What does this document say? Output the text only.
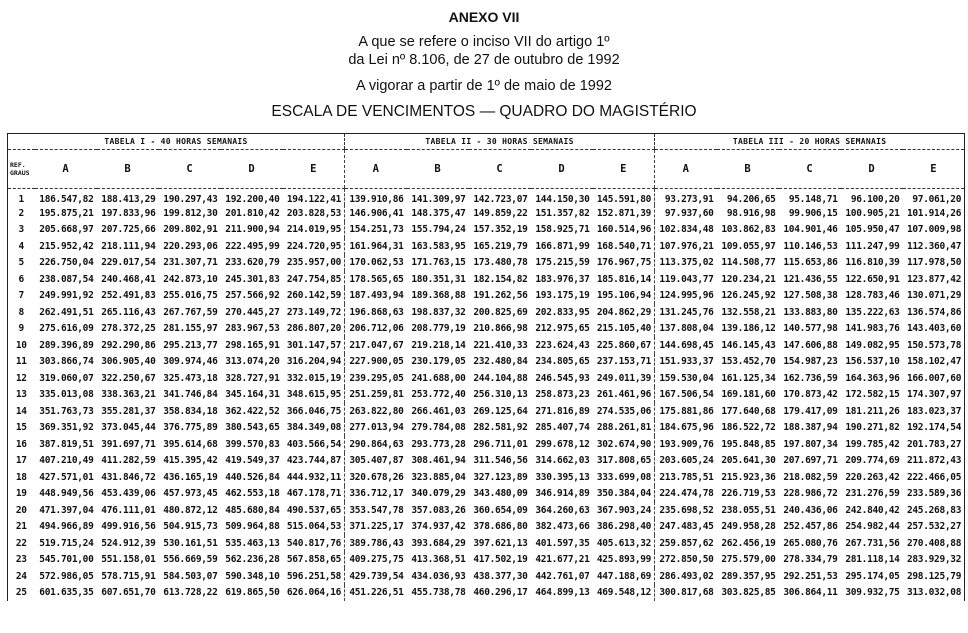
ANEXO VII
A que se refere o inciso VII do artigo 1º
da Lei nº 8.106, de 27 de outubro de 1992
A vigorar a partir de 1º de maio de 1992
ESCALA DE VENCIMENTOS — QUADRO DO MAGISTÉRIO
TABELA I - 40 HORAS SEMANAIS						TABELA II - 30 HORAS SEMANAIS					TABELA III - 20 HORAS SEMANAIS				
REF. GRAUS	A	B	C	D	E	A	B	C	D	E	A	B	C	D	E
1	186.547,82	188.413,29	190.297,43	192.200,40	194.122,41	139.910,86	141.309,97	142.723,07	144.150,30	145.591,80	93.273,91	94.206,65	95.148,71	96.100,20	97.061,20
2	195.875,21	197.833,96	199.812,30	201.810,42	203.828,53	146.906,41	148.375,47	149.859,22	151.357,82	152.871,39	97.937,60	98.916,98	99.906,15	100.905,21	101.914,26
3	205.668,97	207.725,66	209.802,91	211.900,94	214.019,95	154.251,73	155.794,24	157.352,19	158.925,71	160.514,96	102.834,48	103.862,83	104.901,46	105.950,47	107.009,98
4	215.952,42	218.111,94	220.293,06	222.495,99	224.720,95	161.964,31	163.583,95	165.219,79	166.871,99	168.540,71	107.976,21	109.055,97	110.146,53	111.247,99	112.360,47
5	226.750,04	229.017,54	231.307,71	233.620,79	235.957,00	170.062,53	171.763,15	173.480,78	175.215,59	176.967,75	113.375,02	114.508,77	115.653,86	116.810,39	117.978,50
6	238.087,54	240.468,41	242.873,10	245.301,83	247.754,85	178.565,65	180.351,31	182.154,82	183.976,37	185.816,14	119.043,77	120.234,21	121.436,55	122.650,91	123.877,42
7	249.991,92	252.491,83	255.016,75	257.566,92	260.142,59	187.493,94	189.368,88	191.262,56	193.175,19	195.106,94	124.995,96	126.245,92	127.508,38	128.783,46	130.071,29
8	262.491,51	265.116,43	267.767,59	270.445,27	273.149,72	196.868,63	198.837,32	200.825,69	202.833,95	204.862,29	131.245,76	132.558,21	133.883,80	135.222,63	136.574,86
9	275.616,09	278.372,25	281.155,97	283.967,53	286.807,20	206.712,06	208.779,19	210.866,98	212.975,65	215.105,40	137.808,04	139.186,12	140.577,98	141.983,76	143.403,60
10	289.396,89	292.290,86	295.213,77	298.165,91	301.147,57	217.047,67	219.218,14	221.410,33	223.624,43	225.860,67	144.698,45	146.145,43	147.606,88	149.082,95	150.573,78
11	303.866,74	306.905,40	309.974,46	313.074,20	316.204,94	227.900,05	230.179,05	232.480,84	234.805,65	237.153,71	151.933,37	153.452,70	154.987,23	156.537,10	158.102,47
12	319.060,07	322.250,67	325.473,18	328.727,91	332.015,19	239.295,05	241.688,00	244.104,88	246.545,93	249.011,39	159.530,04	161.125,34	162.736,59	164.363,96	166.007,60
13	335.013,08	338.363,21	341.746,84	345.164,31	348.615,95	251.259,81	253.772,40	256.310,13	258.873,23	261.461,96	167.506,54	169.181,60	170.873,42	172.582,15	174.307,97
14	351.763,73	355.281,37	358.834,18	362.422,52	366.046,75	263.822,80	266.461,03	269.125,64	271.816,89	274.535,06	175.881,86	177.640,68	179.417,09	181.211,26	183.023,37
15	369.351,92	373.045,44	376.775,89	380.543,65	384.349,08	277.013,94	279.784,08	282.581,92	285.407,74	288.261,81	184.675,96	186.522,72	188.387,94	190.271,82	192.174,54
16	387.819,51	391.697,71	395.614,68	399.570,83	403.566,54	290.864,63	293.773,28	296.711,01	299.678,12	302.674,90	193.909,76	195.848,85	197.807,34	199.785,42	201.783,27
17	407.210,49	411.282,59	415.395,42	419.549,37	423.744,87	305.407,87	308.461,94	311.546,56	314.662,03	317.808,65	203.605,24	205.641,30	207.697,71	209.774,69	211.872,43
18	427.571,01	431.846,72	436.165,19	440.526,84	444.932,11	320.678,26	323.885,04	327.123,89	330.395,13	333.699,08	213.785,51	215.923,36	218.082,59	220.263,42	222.466,05
19	448.949,56	453.439,06	457.973,45	462.553,18	467.178,71	336.712,17	340.079,29	343.480,09	346.914,89	350.384,04	224.474,78	226.719,53	228.986,72	231.276,59	233.589,36
20	471.397,04	476.111,01	480.872,12	485.680,84	490.537,65	353.547,78	357.083,26	360.654,09	364.260,63	367.903,24	235.698,52	238.055,51	240.436,06	242.840,42	245.268,83
21	494.966,89	499.916,56	504.915,73	509.964,88	515.064,53	371.225,17	374.937,42	378.686,80	382.473,66	386.298,40	247.483,45	249.958,28	252.457,86	254.982,44	257.532,27
22	519.715,24	524.912,39	530.161,51	535.463,13	540.817,76	389.786,43	393.684,29	397.621,13	401.597,35	405.613,32	259.857,62	262.456,19	265.080,76	267.731,56	270.408,88
23	545.701,00	551.158,01	556.669,59	562.236,28	567.858,65	409.275,75	413.368,51	417.502,19	421.677,21	425.893,99	272.850,50	275.579,00	278.334,79	281.118,14	283.929,32
24	572.986,05	578.715,91	584.503,07	590.348,10	596.251,58	429.739,54	434.036,93	438.377,30	442.761,07	447.188,69	286.493,02	289.357,95	292.251,53	295.174,05	298.125,79
25	601.635,35	607.651,70	613.728,22	619.865,50	626.064,16	451.226,51	455.738,78	460.296,17	464.899,13	469.548,12	300.817,68	303.825,85	306.864,11	309.932,75	313.032,08
